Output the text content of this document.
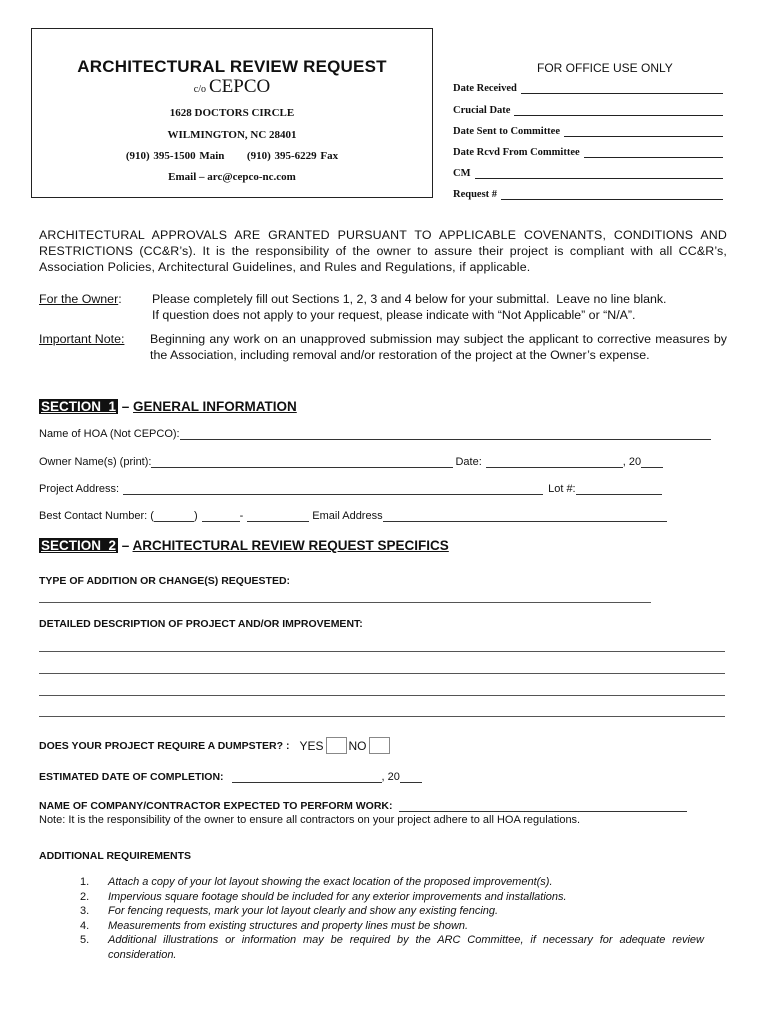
ARCHITECTURAL REVIEW REQUEST
c/o CEPCO
1628 DOCTORS CIRCLE
WILMINGTON, NC 28401
(910) 395-1500 Main      (910) 395-6229 Fax
Email – arc@cepco-nc.com
FOR OFFICE USE ONLY
Date Received
Crucial Date
Date Sent to Committee
Date Rcvd From Committee
CM
Request #
ARCHITECTURAL APPROVALS ARE GRANTED PURSUANT TO APPLICABLE COVENANTS, CONDITIONS AND RESTRICTIONS (CC&R’s). It is the responsibility of the owner to assure their project is compliant with all CC&R’s, Association Policies, Architectural Guidelines, and Rules and Regulations, if applicable.
For the Owner: Please completely fill out Sections 1, 2, 3 and 4 below for your submittal.  Leave no line blank.
If question does not apply to your request, please indicate with “Not Applicable” or “N/A”.
Important Note: Beginning any work on an unapproved submission may subject the applicant to corrective measures by the Association, including removal and/or restoration of the project at the Owner’s expense.
SECTION  1 – GENERAL INFORMATION
Name of HOA (Not CEPCO):
Owner Name(s) (print):	Date:	, 20
Project Address:	Lot #:
Best Contact Number: (	)	-	Email Address
SECTION  2 – ARCHITECTURAL REVIEW REQUEST SPECIFICS
TYPE OF ADDITION OR CHANGE(S) REQUESTED:
DETAILED DESCRIPTION OF PROJECT AND/OR IMPROVEMENT:
DOES YOUR PROJECT REQUIRE A DUMPSTER? : YES NO
ESTIMATED DATE OF COMPLETION:	, 20
NAME OF COMPANY/CONTRACTOR EXPECTED TO PERFORM WORK:
Note: It is the responsibility of the owner to ensure all contractors on your project adhere to all HOA regulations.
ADDITIONAL REQUIREMENTS
1.	Attach a copy of your lot layout showing the exact location of the proposed improvement(s).
2.	Impervious square footage should be included for any exterior improvements and installations.
3.	For fencing requests, mark your lot layout clearly and show any existing fencing.
4.	Measurements from existing structures and property lines must be shown.
5.	Additional illustrations or information may be required by the ARC Committee, if necessary for adequate review consideration.
